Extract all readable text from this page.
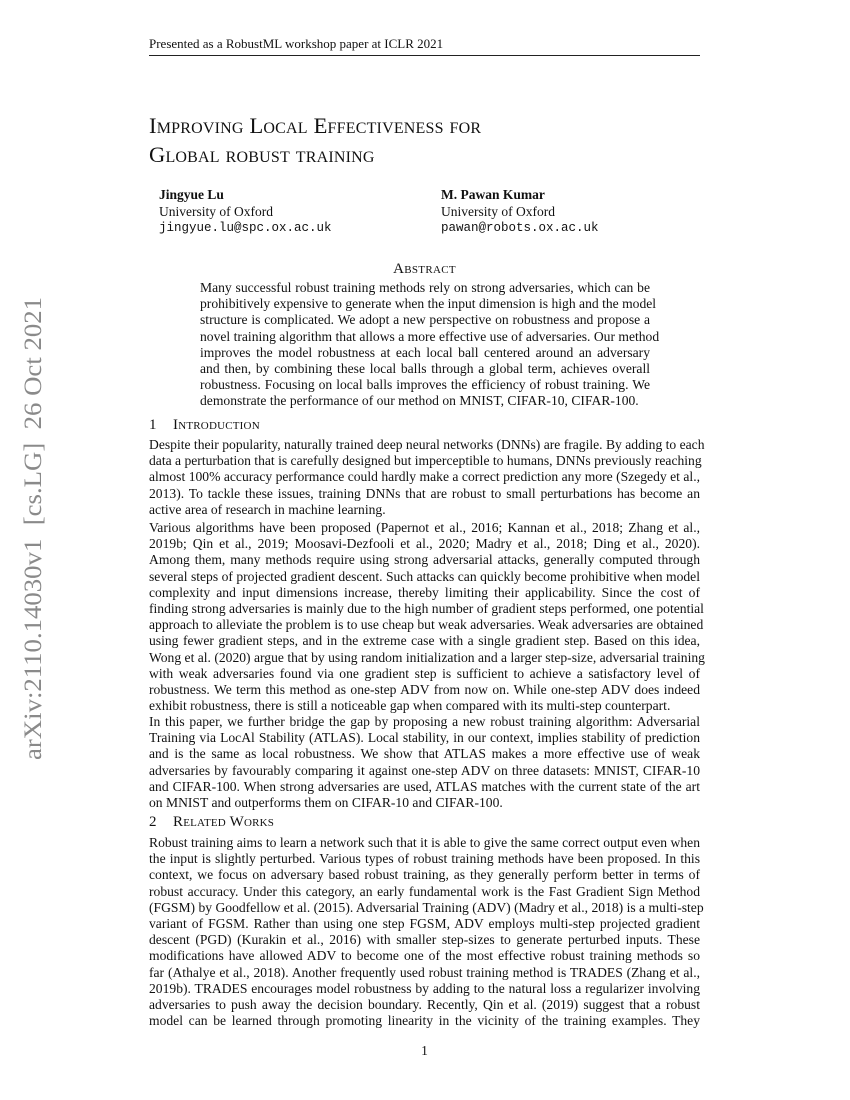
Presented as a RobustML workshop paper at ICLR 2021
arXiv:2110.14030v1  [cs.LG]  26 Oct 2021
Improving Local Effectiveness for
Global robust training
Jingyue Lu
University of Oxford
jingyue.lu@spc.ox.ac.uk
M. Pawan Kumar
University of Oxford
pawan@robots.ox.ac.uk
Abstract
Many successful robust training methods rely on strong adversaries, which can be
prohibitively expensive to generate when the input dimension is high and the model
structure is complicated. We adopt a new perspective on robustness and propose a
novel training algorithm that allows a more effective use of adversaries. Our method
improves the model robustness at each local ball centered around an adversary
and then, by combining these local balls through a global term, achieves overall
robustness. Focusing on local balls improves the efficiency of robust training. We
demonstrate the performance of our method on MNIST, CIFAR-10, CIFAR-100.
1 Introduction
Despite their popularity, naturally trained deep neural networks (DNNs) are fragile. By adding to each
data a perturbation that is carefully designed but imperceptible to humans, DNNs previously reaching
almost 100% accuracy performance could hardly make a correct prediction any more (Szegedy et al.,
2013). To tackle these issues, training DNNs that are robust to small perturbations has become an
active area of research in machine learning.
Various algorithms have been proposed (Papernot et al., 2016; Kannan et al., 2018; Zhang et al.,
2019b; Qin et al., 2019; Moosavi-Dezfooli et al., 2020; Madry et al., 2018; Ding et al., 2020).
Among them, many methods require using strong adversarial attacks, generally computed through
several steps of projected gradient descent. Such attacks can quickly become prohibitive when model
complexity and input dimensions increase, thereby limiting their applicability. Since the cost of
finding strong adversaries is mainly due to the high number of gradient steps performed, one potential
approach to alleviate the problem is to use cheap but weak adversaries. Weak adversaries are obtained
using fewer gradient steps, and in the extreme case with a single gradient step. Based on this idea,
Wong et al. (2020) argue that by using random initialization and a larger step-size, adversarial training
with weak adversaries found via one gradient step is sufficient to achieve a satisfactory level of
robustness. We term this method as one-step ADV from now on. While one-step ADV does indeed
exhibit robustness, there is still a noticeable gap when compared with its multi-step counterpart.
In this paper, we further bridge the gap by proposing a new robust training algorithm: Adversarial
Training via LocAl Stability (ATLAS). Local stability, in our context, implies stability of prediction
and is the same as local robustness. We show that ATLAS makes a more effective use of weak
adversaries by favourably comparing it against one-step ADV on three datasets: MNIST, CIFAR-10
and CIFAR-100. When strong adversaries are used, ATLAS matches with the current state of the art
on MNIST and outperforms them on CIFAR-10 and CIFAR-100.
2 Related Works
Robust training aims to learn a network such that it is able to give the same correct output even when
the input is slightly perturbed. Various types of robust training methods have been proposed. In this
context, we focus on adversary based robust training, as they generally perform better in terms of
robust accuracy. Under this category, an early fundamental work is the Fast Gradient Sign Method
(FGSM) by Goodfellow et al. (2015). Adversarial Training (ADV) (Madry et al., 2018) is a multi-step
variant of FGSM. Rather than using one step FGSM, ADV employs multi-step projected gradient
descent (PGD) (Kurakin et al., 2016) with smaller step-sizes to generate perturbed inputs. These
modifications have allowed ADV to become one of the most effective robust training methods so
far (Athalye et al., 2018). Another frequently used robust training method is TRADES (Zhang et al.,
2019b). TRADES encourages model robustness by adding to the natural loss a regularizer involving
adversaries to push away the decision boundary. Recently, Qin et al. (2019) suggest that a robust
model can be learned through promoting linearity in the vicinity of the training examples. They
1
